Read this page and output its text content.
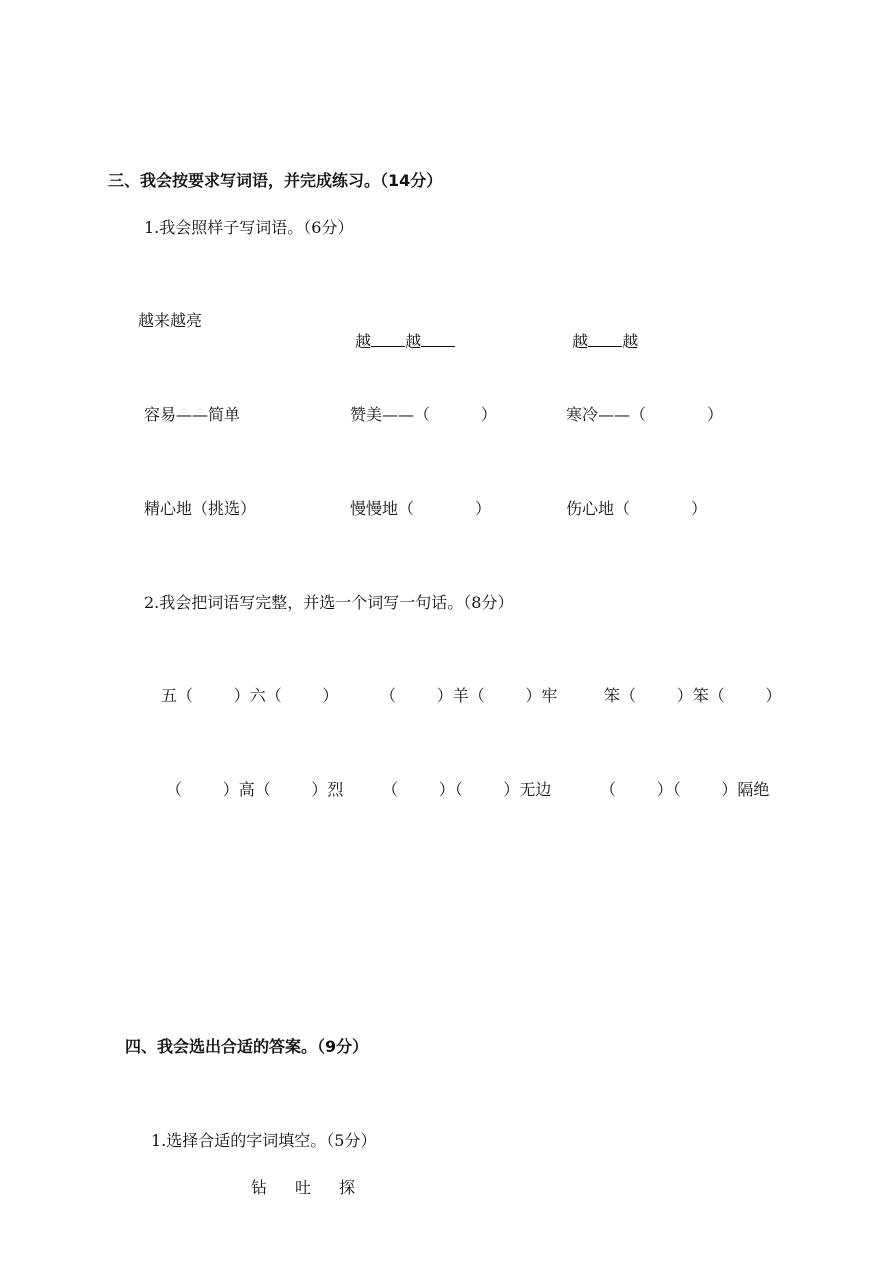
三、我会按要求写词语，并完成练习。（14分）
1.我会照样子写词语。（6分）
越来越亮

越 越	越 越

容易——简单	赞美——（          ）	寒冷——（            ）
精心地（挑选）	慢慢地（            ）	伤心地（            ）
2.我会把词语写完整，并选一个词写一句话。（8分）
五（        ）六（        ）	（        ）羊（        ）牢	笨（        ）笨（        ）
（        ）高（        ）烈 （        ）（        ）无边	（        ）（        ）隔绝
四、我会选出合适的答案。（9分）
1.选择合适的字词填空。（5分）
钻　吐　探
